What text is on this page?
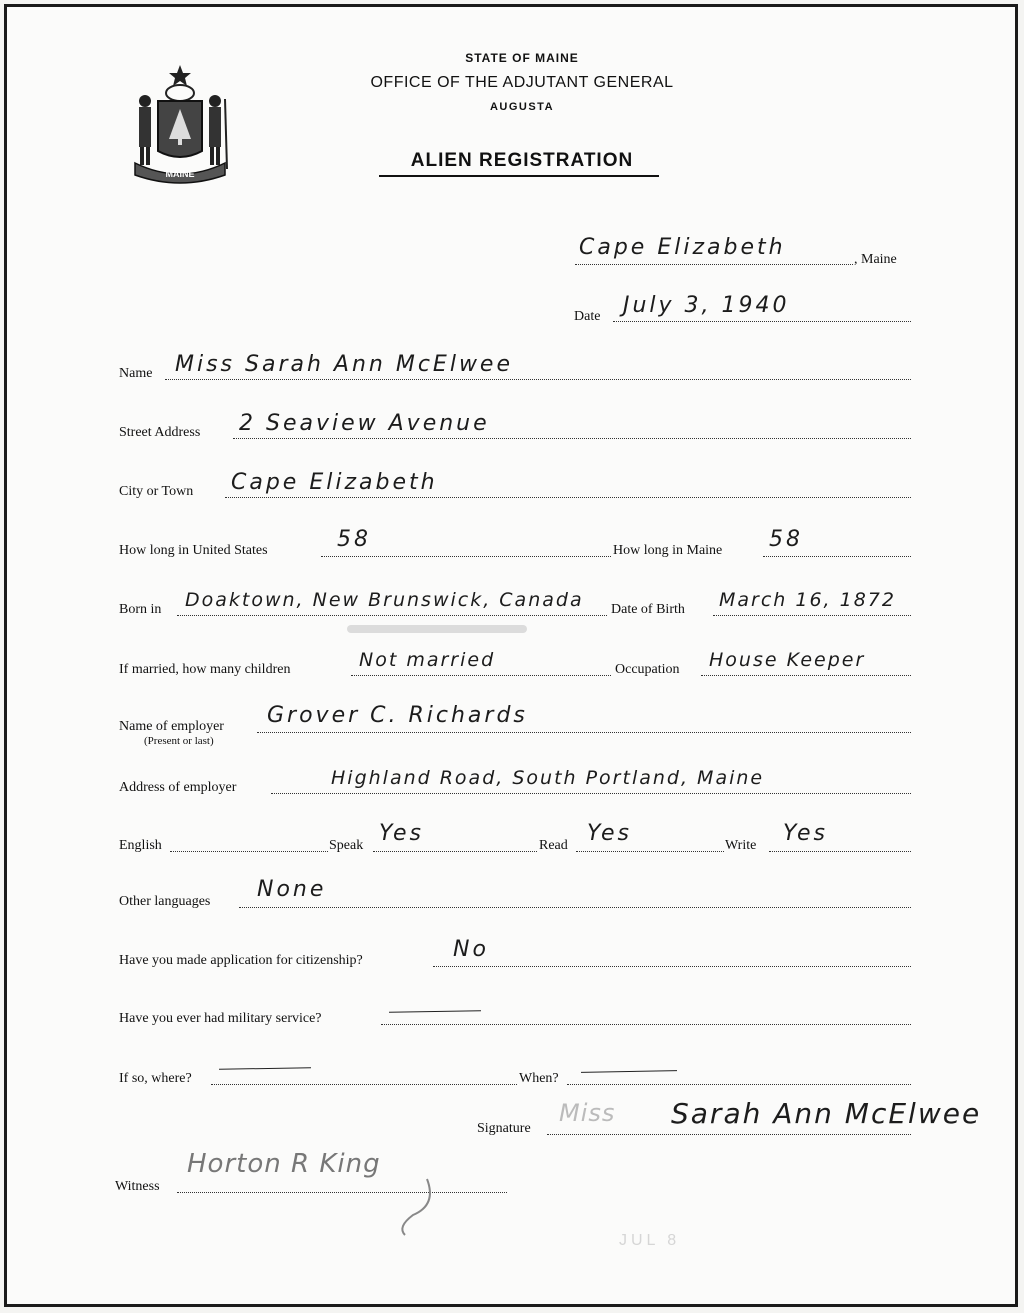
MAINE
STATE OF MAINE
OFFICE OF THE ADJUTANT GENERAL
AUGUSTA
ALIEN REGISTRATION
Cape Elizabeth	, Maine
Date July 3, 1940
Name Miss Sarah Ann McElwee
Street Address 2 Seaview Avenue
City or Town Cape Elizabeth
How long in United States	58	How long in Maine 58
Born in Doaktown, New Brunswick, Canada Date of Birth March 16, 1872
If married, how many children	Not married	Occupation House Keeper
Name of employer
(Present or last)
Grover C. Richards
Address of employer	Highland Road, South Portland, Maine
English	Speak Yes	Read Yes	Write Yes
Other languages None
Have you made application for citizenship?	No
Have you ever had military service?
If so, where?	When?
Signature
Miss Sarah Ann McElwee
Witness
Horton R King
JUL 8
